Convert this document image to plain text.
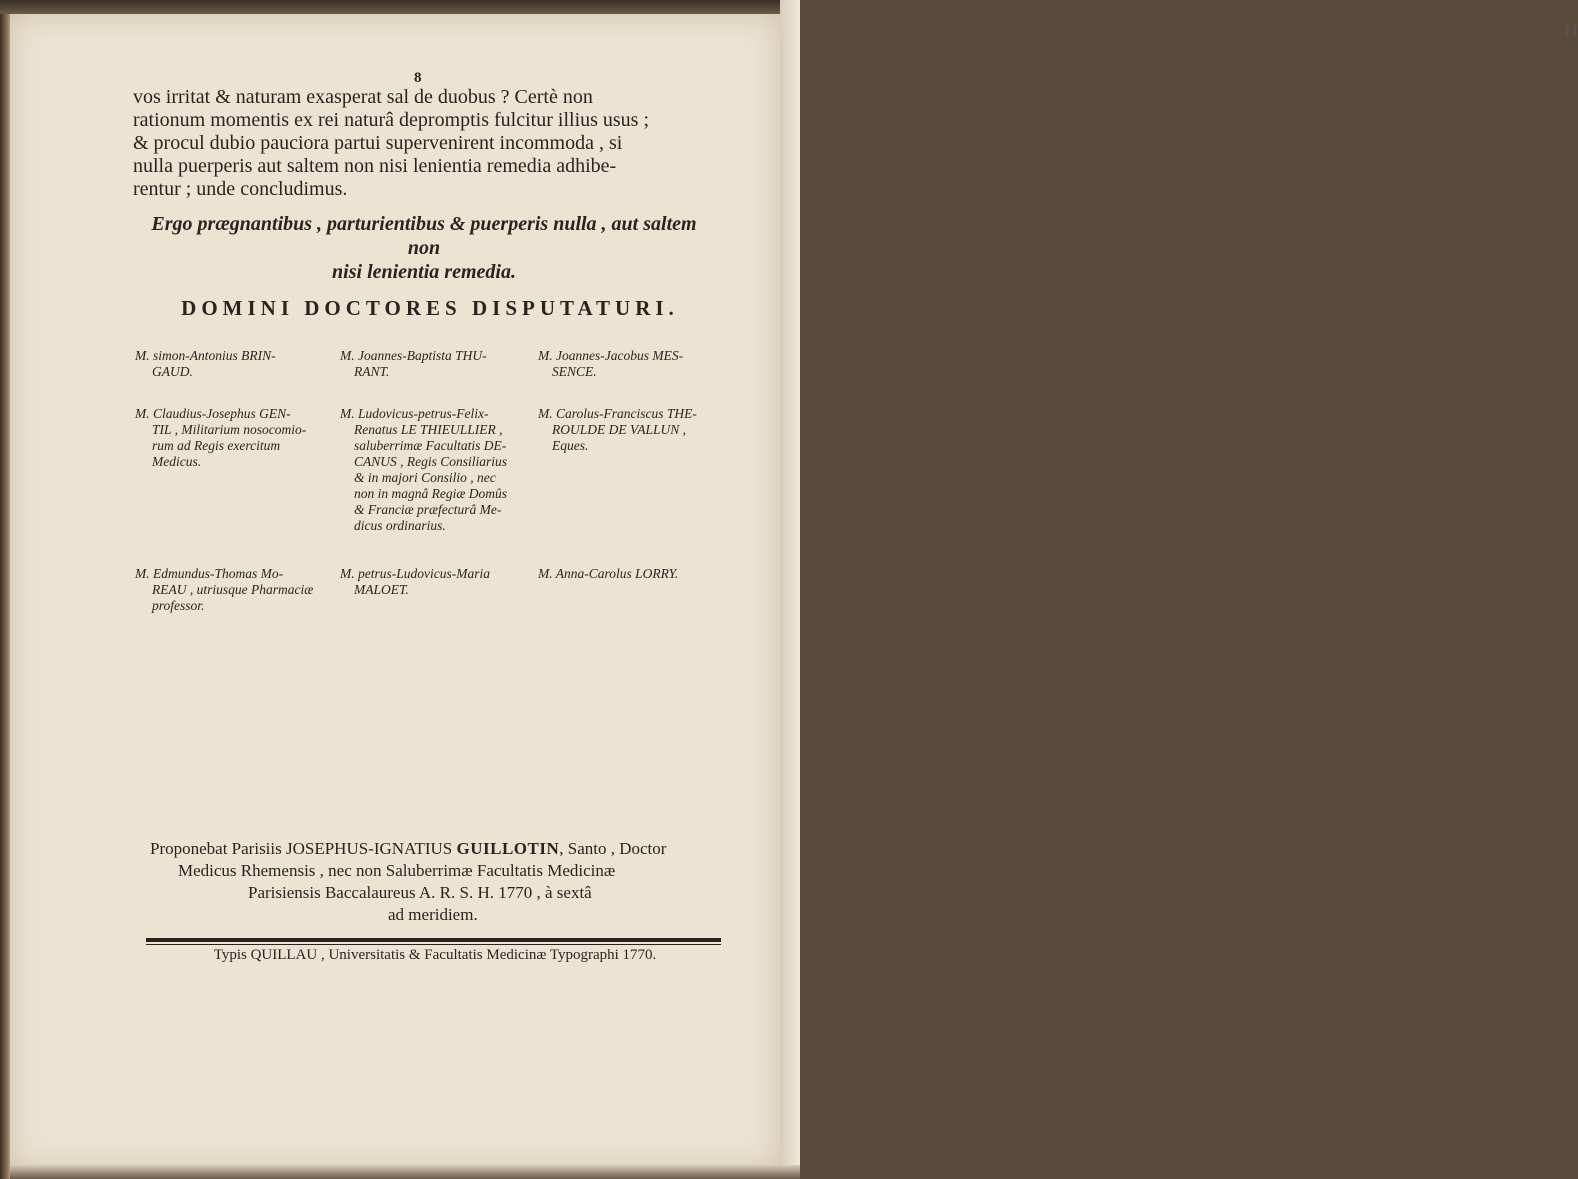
H
8
vos irritat & naturam exasperat sal de duobus ? Certè non
rationum momentis ex rei naturâ depromptis fulcitur illius usus ;
& procul dubio pauciora partui supervenirent incommoda , si
nulla puerperis aut saltem non nisi lenientia remedia adhibe-
rentur ; unde concludimus.
Ergo prægnantibus , parturientibus & puerperis nulla , aut saltem non
nisi lenientia remedia.
DOMINI DOCTORES DISPUTATURI.
M. simon-Antonius BRIN-
GAUD.
M. Joannes-Baptista THU-
RANT.
M. Joannes-Jacobus MES-
SENCE.
M. Claudius-Josephus GEN-
TIL , Militarium nosocomio-
rum ad Regis exercitum
Medicus.
M. Ludovicus-petrus-Felix-
Renatus LE THIEULLIER ,
saluberrimæ Facultatis DE-
CANUS , Regis Consiliarius
& in majori Consilio , nec
non in magnâ Regiæ Domûs
& Franciæ præfecturâ Me-
dicus ordinarius.
M. Carolus-Franciscus THE-
ROULDE DE VALLUN ,
Eques.
M. Edmundus-Thomas Mo-
REAU , utriusque Pharmaciæ
professor.
M. petrus-Ludovicus-Maria
MALOET.
M. Anna-Carolus LORRY.
Proponebat Parisiis JOSEPHUS-IGNATIUS GUILLOTIN, Santo , Doctor
Medicus Rhemensis , nec non Saluberrimæ Facultatis Medicinæ
Parisiensis Baccalaureus A. R. S. H. 1770 , à sextâ
ad meridiem.
Typis QUILLAU , Universitatis & Facultatis Medicinæ Typographi 1770.
